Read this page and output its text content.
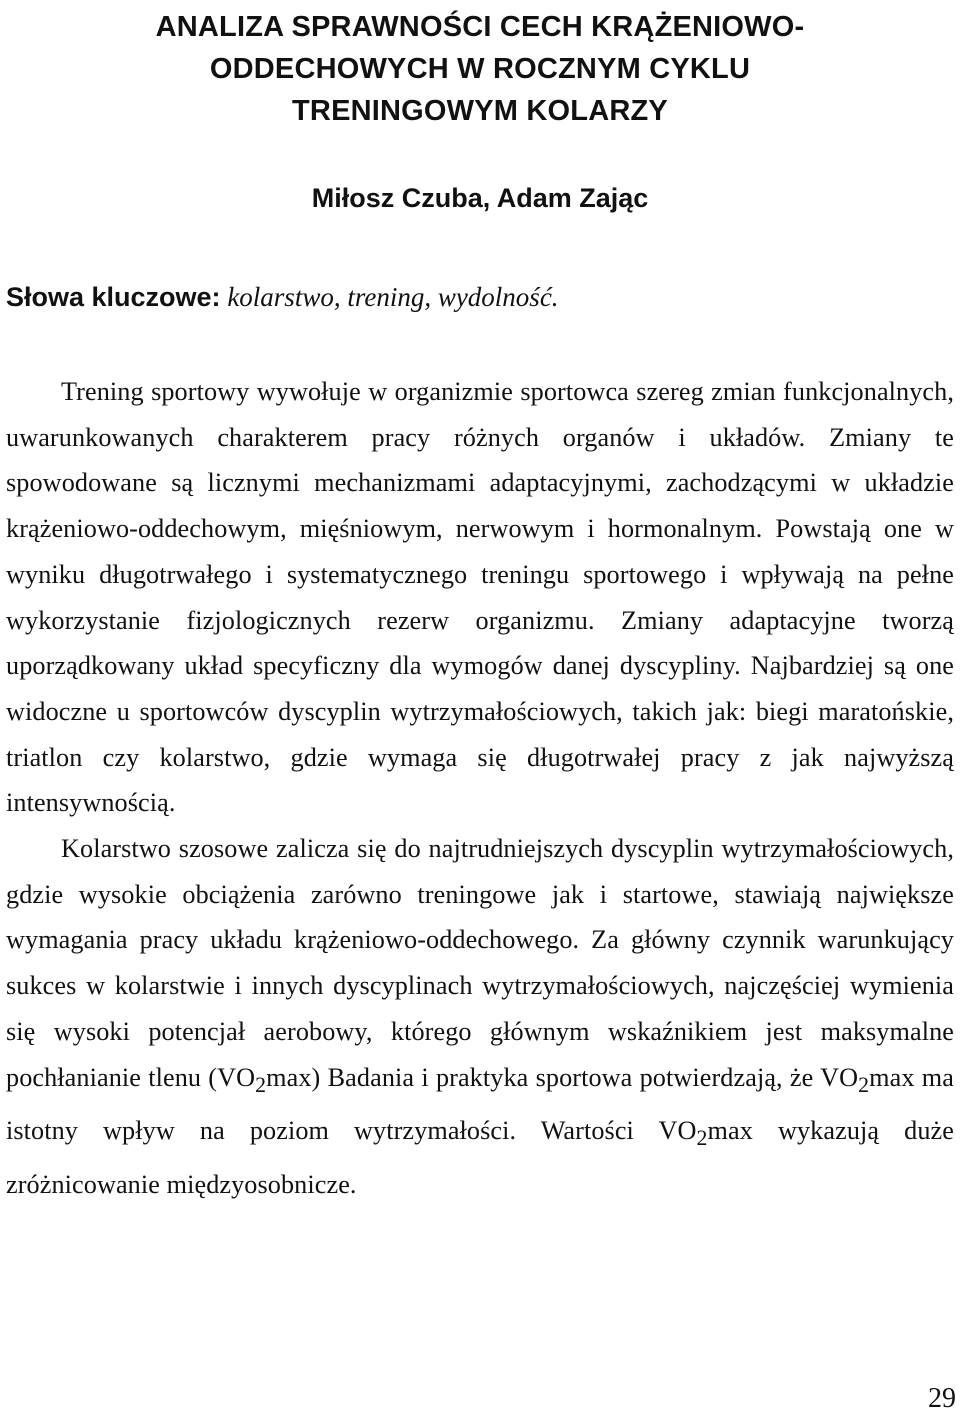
ANALIZA SPRAWNOŚCI CECH KRĄŻENIOWO-
ODDECHOWYCH W ROCZNYM CYKLU
TRENINGOWYM KOLARZY
Miłosz Czuba, Adam Zając
Słowa kluczowe: kolarstwo, trening, wydolność.

Trening sportowy wywołuje w organizmie sportowca szereg zmian funkcjonalnych, uwarunkowanych charakterem pracy różnych organów i układów. Zmiany te spowodowane są licznymi mechanizmami adaptacyjnymi, zachodzącymi w układzie krążeniowo-oddechowym, mięśniowym, nerwowym i hormonalnym. Powstają one w wyniku długotrwałego i systematycznego treningu sportowego i wpływają na pełne wykorzystanie fizjologicznych rezerw organizmu. Zmiany adaptacyjne tworzą uporządkowany układ specyficzny dla wymogów danej dyscypliny. Najbardziej są one widoczne u sportowców dyscyplin wytrzymałościowych, takich jak: biegi maratońskie, triatlon czy kolarstwo, gdzie wymaga się długotrwałej pracy z jak najwyższą intensywnością.

Kolarstwo szosowe zalicza się do najtrudniejszych dyscyplin wytrzymałościowych, gdzie wysokie obciążenia zarówno treningowe jak i startowe, stawiają największe wymagania pracy układu krążeniowo-oddechowego. Za główny czynnik warunkujący sukces w kolarstwie i innych dyscyplinach wytrzymałościowych, najczęściej wymienia się wysoki potencjał aerobowy, którego głównym wskaźnikiem jest maksymalne pochłanianie tlenu $(VO_2\max)$ Badania i praktyka sportowa potwierdzają, że $VO_2\max$ ma istotny wpływ na poziom wytrzymałości. Wartości $VO_2\max$ wykazują duże zróżnicowanie międzyosobnicze.

29
